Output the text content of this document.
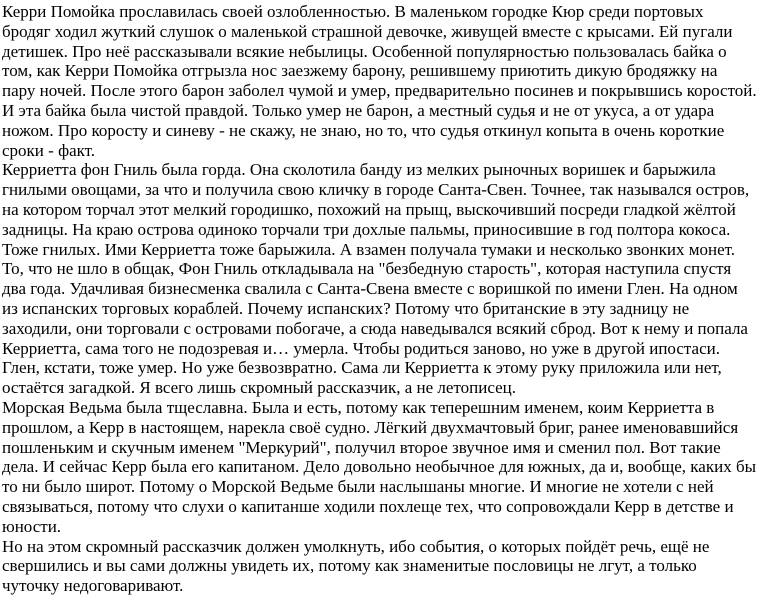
Керри Помойка прославилась своей озлобленностью. В маленьком городке Кюр среди портовых
бродяг ходил жуткий слушок о маленькой страшной девочке, живущей вместе с крысами. Ей пугали
детишек. Про неё рассказывали всякие небылицы. Особенной популярностью пользовалась байка о
том, как Керри Помойка отгрызла нос заезжему барону, решившему приютить дикую бродяжку на
пару ночей. После этого барон заболел чумой и умер, предварительно посинев и покрывшись коростой.
И эта байка была чистой правдой. Только умер не барон, а местный судья и не от укуса, а от удара
ножом. Про коросту и синеву - не скажу, не знаю, но то, что судья откинул копыта в очень короткие
сроки - факт.
Керриетта фон Гниль была горда. Она сколотила банду из мелких рыночных воришек и барыжила
гнилыми овощами, за что и получила свою кличку в городе Санта-Свен. Точнее, так назывался остров,
на котором торчал этот мелкий городишко, похожий на прыщ, выскочивший посреди гладкой жёлтой
задницы. На краю острова одиноко торчали три дохлые пальмы, приносившие в год полтора кокоса.
Тоже гнилых. Ими Керриетта тоже барыжила. А взамен получала тумаки и несколько звонких монет.
То, что не шло в общак, Фон Гниль откладывала на "безбедную старость", которая наступила спустя
два года. Удачливая бизнесменка свалила с Санта-Свена вместе с воришкой по имени Глен. На одном
из испанских торговых кораблей. Почему испанских? Потому что британские в эту задницу не
заходили, они торговали с островами побогаче, а сюда наведывался всякий сброд. Вот к нему и попала
Керриетта, сама того не подозревая и… умерла. Чтобы родиться заново, но уже в другой ипостаси.
Глен, кстати, тоже умер. Но уже безвозвратно. Сама ли Керриетта к этому руку приложила или нет,
остаётся загадкой. Я всего лишь скромный рассказчик, а не летописец.
Морская Ведьма была тщеславна. Была и есть, потому как теперешним именем, коим Керриетта в
прошлом, а Керр в настоящем, нарекла своё судно. Лёгкий двухмачтовый бриг, ранее именовавшийся
пошленьким и скучным именем "Меркурий", получил второе звучное имя и сменил пол. Вот такие
дела. И сейчас Керр была его капитаном. Дело довольно необычное для южных, да и, вообще, каких бы
то ни было широт. Потому о Морской Ведьме были наслышаны многие. И многие не хотели с ней
связываться, потому что слухи о капитанше ходили похлеще тех, что сопровождали Керр в детстве и
юности.
Но на этом скромный рассказчик должен умолкнуть, ибо события, о которых пойдёт речь, ещё не
свершились и вы сами должны увидеть их, потому как знаменитые пословицы не лгут, а только
чуточку недоговаривают.
